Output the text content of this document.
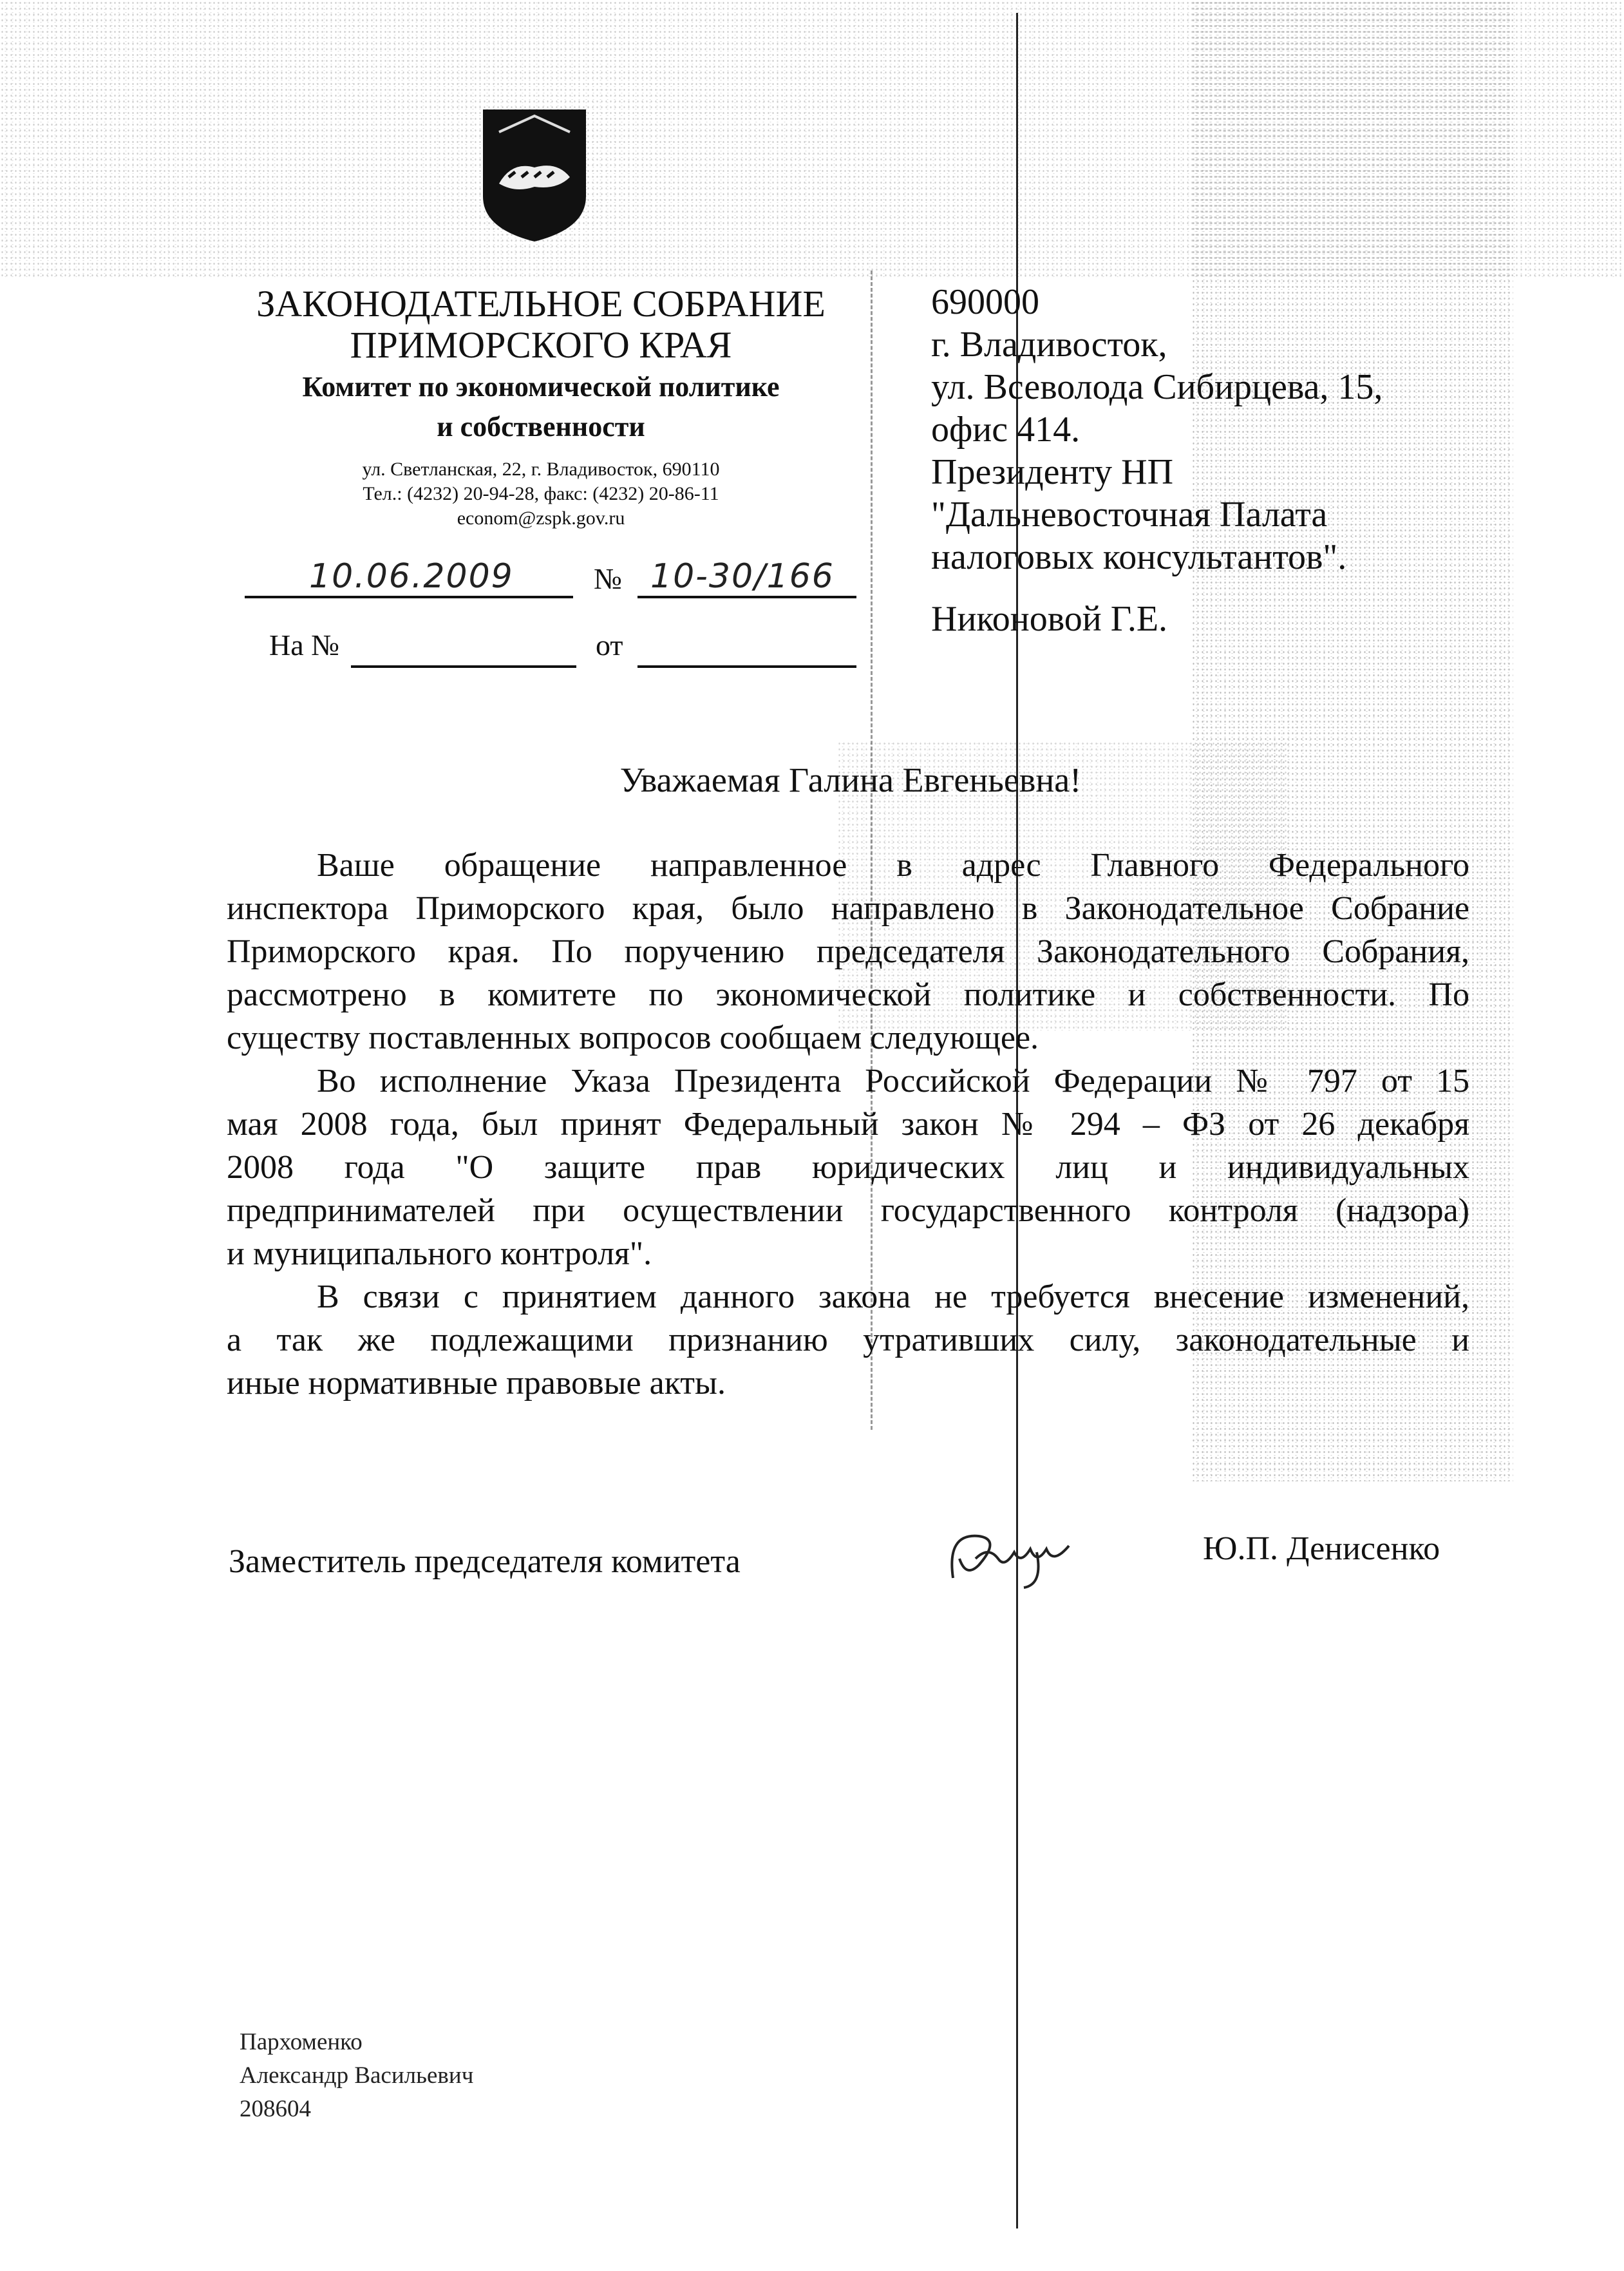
ЗАКОНОДАТЕЛЬНОЕ СОБРАНИЕ
ПРИМОРСКОГО КРАЯ
Комитет по экономической политике
и собственности
ул. Светланская, 22, г. Владивосток, 690110
Тел.: (4232) 20-94-28, факс: (4232) 20-86-11
econom@zspk.gov.ru
10.06.2009	№ 10-30/166
На №	от
690000
г. Владивосток,
ул. Всеволода Сибирцева, 15,
офис 414.
Президенту НП
"Дальневосточная Палата
налоговых консультантов".
Никоновой Г.Е.
Уважаемая Галина Евгеньевна!
Ваше обращение направленное в адрес Главного Федерального
инспектора Приморского края, было направлено в Законодательное Собрание
Приморского края. По поручению председателя Законодательного Собрания,
рассмотрено в комитете по экономической политике и собственности. По
существу поставленных вопросов сообщаем следующее.
Во исполнение Указа Президента Российской Федерации № 797 от 15
мая 2008 года, был принят Федеральный закон № 294 – ФЗ от 26 декабря
2008 года "О защите прав юридических лиц и индивидуальных
предпринимателей при осуществлении государственного контроля (надзора)
и муниципального контроля".
В связи с принятием данного закона не требуется внесение изменений,
а так же подлежащими признанию утративших силу, законодательные и
иные нормативные правовые акты.
Заместитель председателя комитета	Ю.П. Денисенко
Пархоменко
Александр Васильевич
208604
